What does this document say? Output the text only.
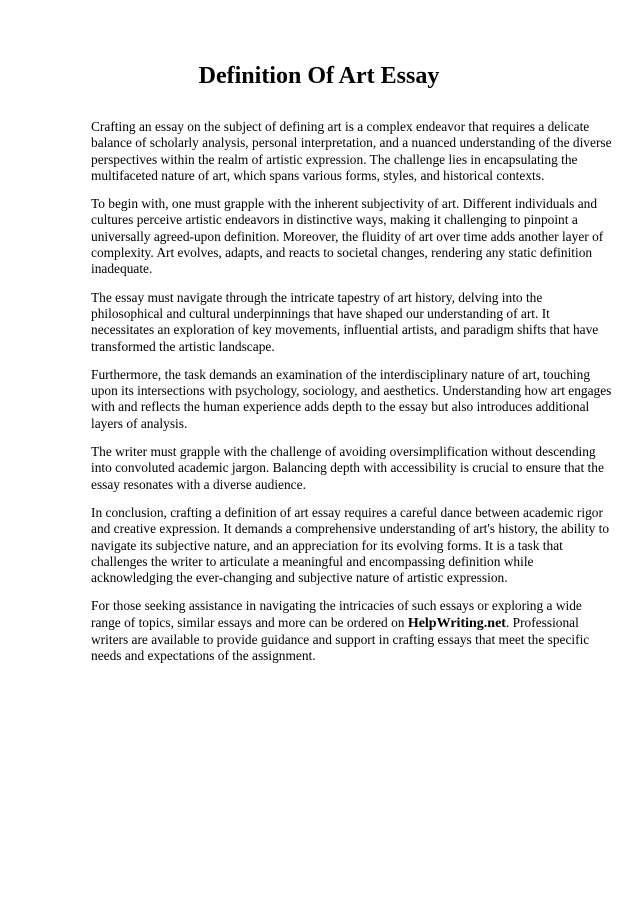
Definition Of Art Essay

Crafting an essay on the subject of defining art is a complex endeavor that requires a delicate
balance of scholarly analysis, personal interpretation, and a nuanced understanding of the diverse
perspectives within the realm of artistic expression. The challenge lies in encapsulating the
multifaceted nature of art, which spans various forms, styles, and historical contexts.

To begin with, one must grapple with the inherent subjectivity of art. Different individuals and
cultures perceive artistic endeavors in distinctive ways, making it challenging to pinpoint a
universally agreed-upon definition. Moreover, the fluidity of art over time adds another layer of
complexity. Art evolves, adapts, and reacts to societal changes, rendering any static definition
inadequate.

The essay must navigate through the intricate tapestry of art history, delving into the
philosophical and cultural underpinnings that have shaped our understanding of art. It
necessitates an exploration of key movements, influential artists, and paradigm shifts that have
transformed the artistic landscape.

Furthermore, the task demands an examination of the interdisciplinary nature of art, touching
upon its intersections with psychology, sociology, and aesthetics. Understanding how art engages
with and reflects the human experience adds depth to the essay but also introduces additional
layers of analysis.

The writer must grapple with the challenge of avoiding oversimplification without descending
into convoluted academic jargon. Balancing depth with accessibility is crucial to ensure that the
essay resonates with a diverse audience.

In conclusion, crafting a definition of art essay requires a careful dance between academic rigor
and creative expression. It demands a comprehensive understanding of art's history, the ability to
navigate its subjective nature, and an appreciation for its evolving forms. It is a task that
challenges the writer to articulate a meaningful and encompassing definition while
acknowledging the ever-changing and subjective nature of artistic expression.

For those seeking assistance in navigating the intricacies of such essays or exploring a wide
range of topics, similar essays and more can be ordered on HelpWriting.net. Professional
writers are available to provide guidance and support in crafting essays that meet the specific
needs and expectations of the assignment.
